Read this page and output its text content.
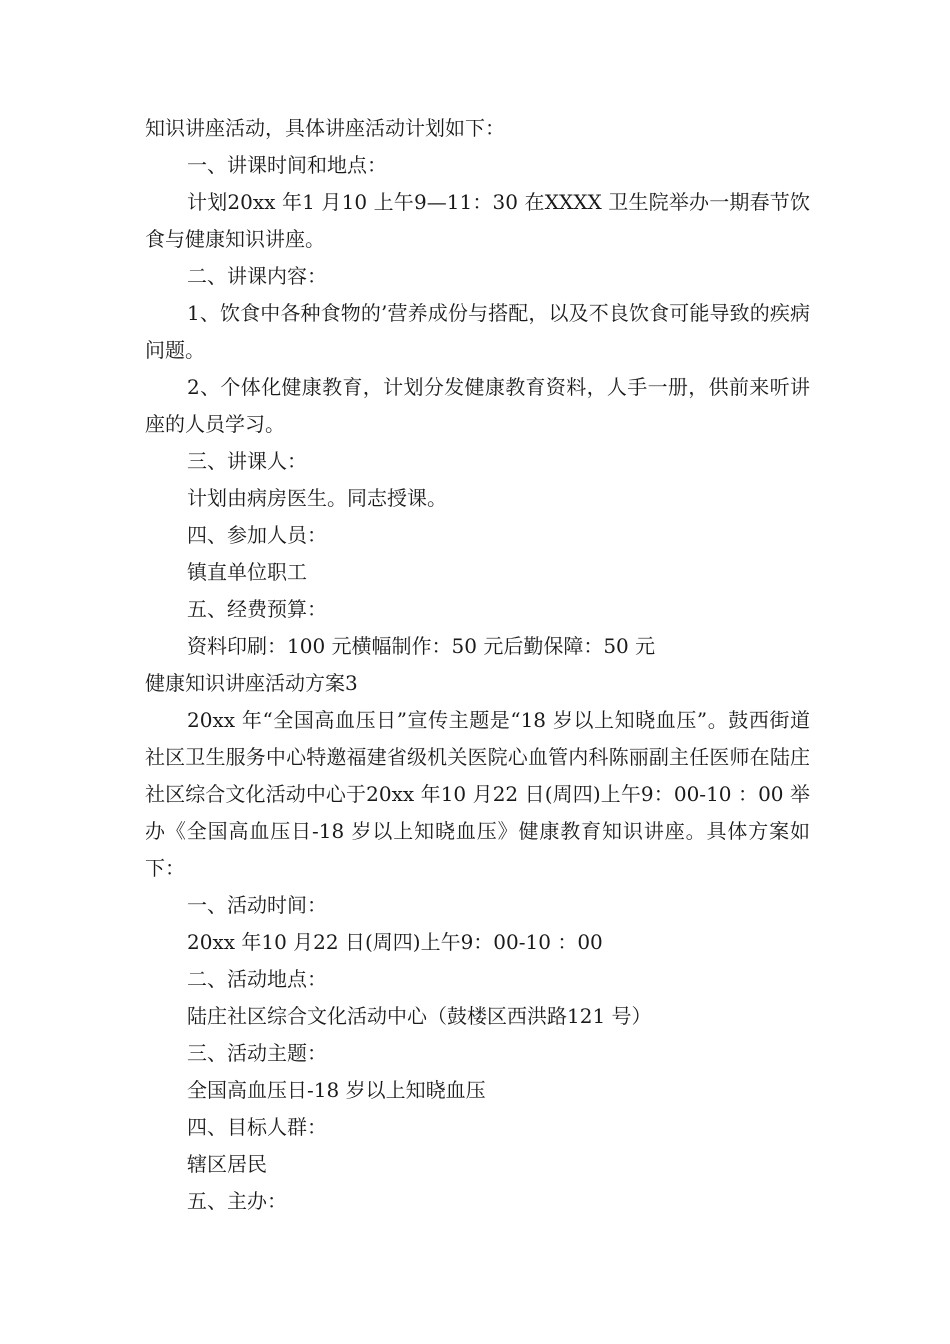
知识讲座活动，具体讲座活动计划如下：

一、讲课时间和地点：

计划20xx 年1 月10 上午9—11：30 在XXXX 卫生院举办一期春节饮食与健康知识讲座。

二、讲课内容：

1、饮食中各种食物的’营养成份与搭配，以及不良饮食可能导致的疾病问题。

2、个体化健康教育，计划分发健康教育资料，人手一册，供前来听讲座的人员学习。

三、讲课人：

计划由病房医生。同志授课。

四、参加人员：

镇直单位职工

五、经费预算：

资料印刷：100 元横幅制作：50 元后勤保障：50 元

健康知识讲座活动方案3

20xx 年“全国高血压日”宣传主题是“18 岁以上知晓血压”。鼓西街道社区卫生服务中心特邀福建省级机关医院心血管内科陈丽副主任医师在陆庄社区综合文化活动中心于20xx 年10 月22 日(周四)上午9：00-10 ：00 举办《全国高血压日-18 岁以上知晓血压》健康教育知识讲座。具体方案如下：

一、活动时间：

20xx 年10 月22 日(周四)上午9：00-10 ：00

二、活动地点：

陆庄社区综合文化活动中心（鼓楼区西洪路121 号）

三、活动主题：

全国高血压日-18 岁以上知晓血压

四、目标人群：

辖区居民

五、主办：
